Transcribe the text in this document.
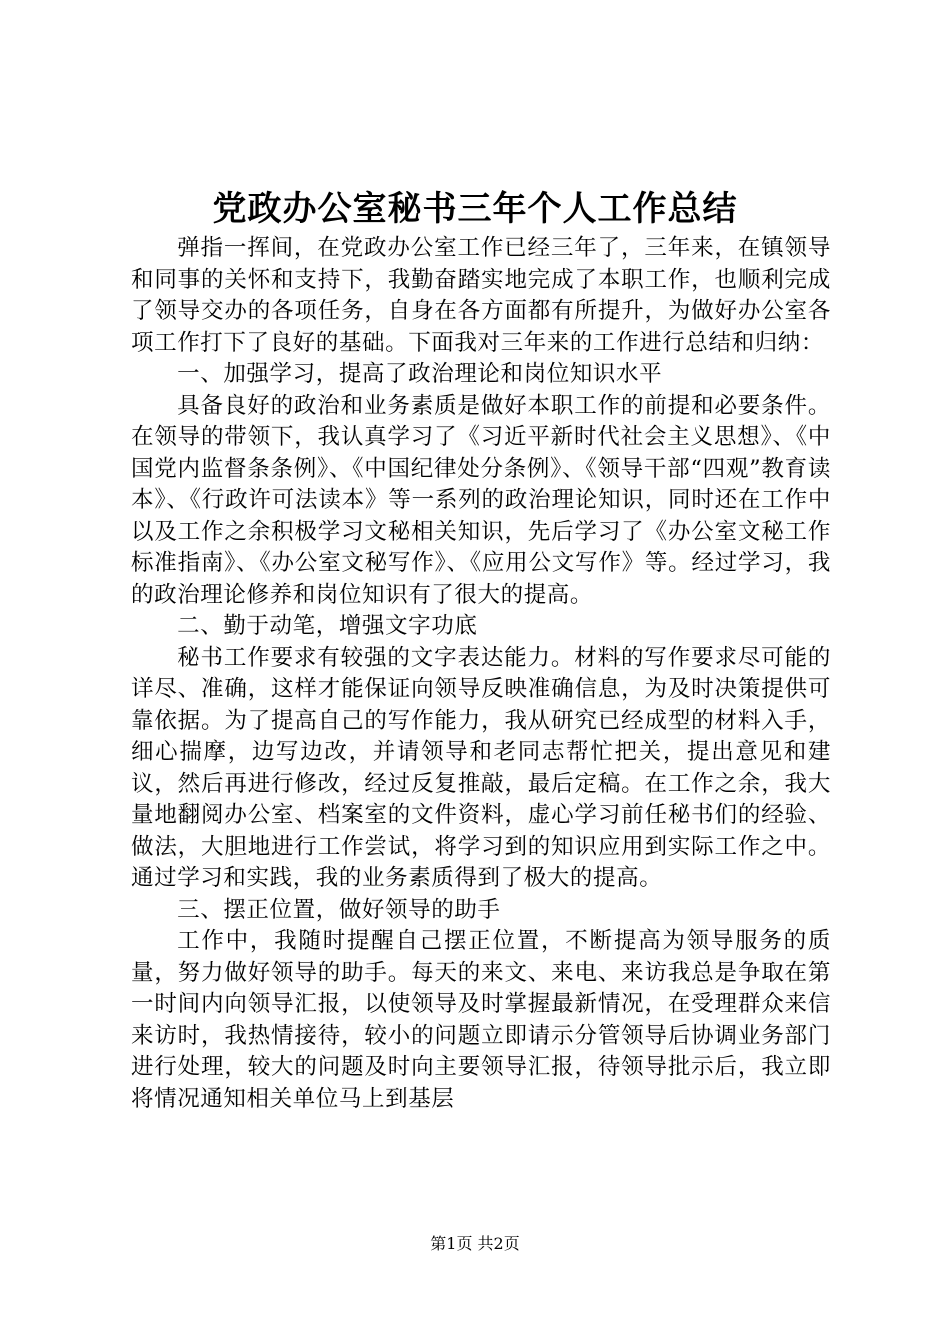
党政办公室秘书三年个人工作总结

弹指一挥间，在党政办公室工作已经三年了，三年来，在镇领导和同事的关怀和支持下，我勤奋踏实地完成了本职工作，也顺利完成了领导交办的各项任务，自身在各方面都有所提升，为做好办公室各项工作打下了良好的基础。下面我对三年来的工作进行总结和归纳：

一、加强学习，提高了政治理论和岗位知识水平

具备良好的政治和业务素质是做好本职工作的前提和必要条件。在领导的带领下，我认真学习了《习近平新时代社会主义思想》、《中国党内监督条条例》、《中国纪律处分条例》、《领导干部“四观”教育读本》、《行政许可法读本》等一系列的政治理论知识，同时还在工作中以及工作之余积极学习文秘相关知识，先后学习了《办公室文秘工作标准指南》、《办公室文秘写作》、《应用公文写作》等。经过学习，我的政治理论修养和岗位知识有了很大的提高。

二、勤于动笔，增强文字功底

秘书工作要求有较强的文字表达能力。材料的写作要求尽可能的详尽、准确，这样才能保证向领导反映准确信息，为及时决策提供可靠依据。为了提高自己的写作能力，我从研究已经成型的材料入手，细心揣摩，边写边改，并请领导和老同志帮忙把关，提出意见和建议，然后再进行修改，经过反复推敲，最后定稿。在工作之余，我大量地翻阅办公室、档案室的文件资料，虚心学习前任秘书们的经验、做法，大胆地进行工作尝试，将学习到的知识应用到实际工作之中。通过学习和实践，我的业务素质得到了极大的提高。

三、摆正位置，做好领导的助手

工作中，我随时提醒自己摆正位置，不断提高为领导服务的质量，努力做好领导的助手。每天的来文、来电、来访我总是争取在第一时间内向领导汇报，以使领导及时掌握最新情况，在受理群众来信来访时，我热情接待，较小的问题立即请示分管领导后协调业务部门进行处理，较大的问题及时向主要领导汇报，待领导批示后，我立即将情况通知相关单位马上到基层

第1页 共2页
